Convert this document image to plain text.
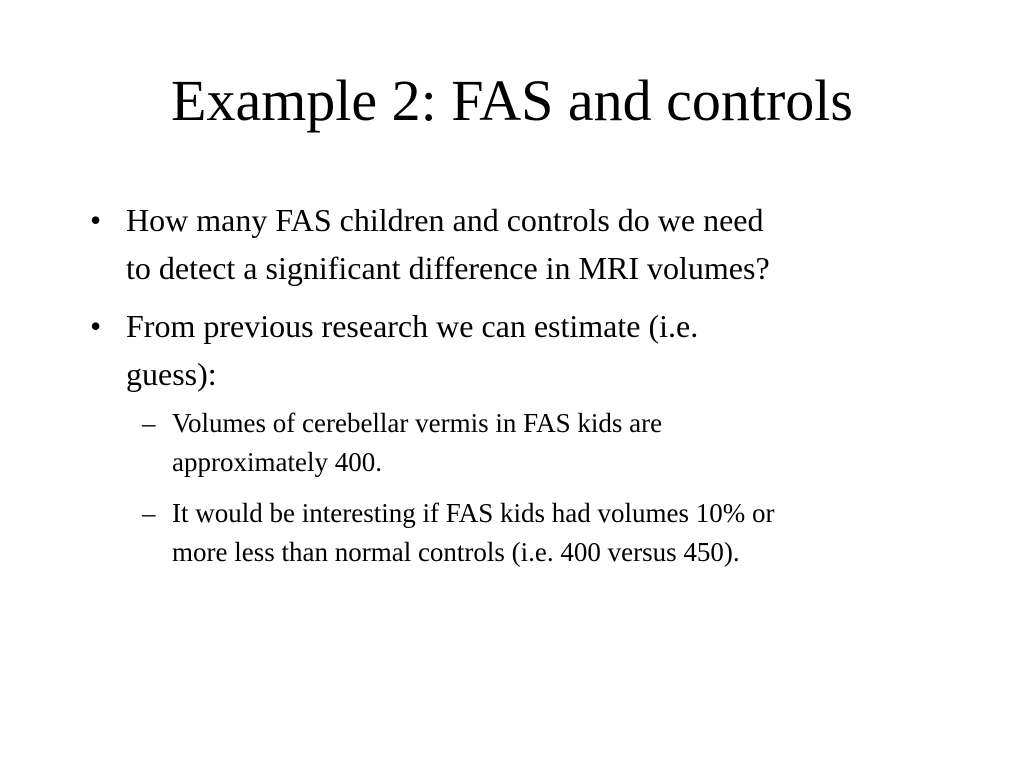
Example 2: FAS and controls
• How many FAS children and controls do we need
to detect a significant difference in MRI volumes?
• From previous research we can estimate (i.e.
guess):
– Volumes of cerebellar vermis in FAS kids are
approximately 400.
– It would be interesting if FAS kids had volumes 10% or
more less than normal controls (i.e. 400 versus 450).
